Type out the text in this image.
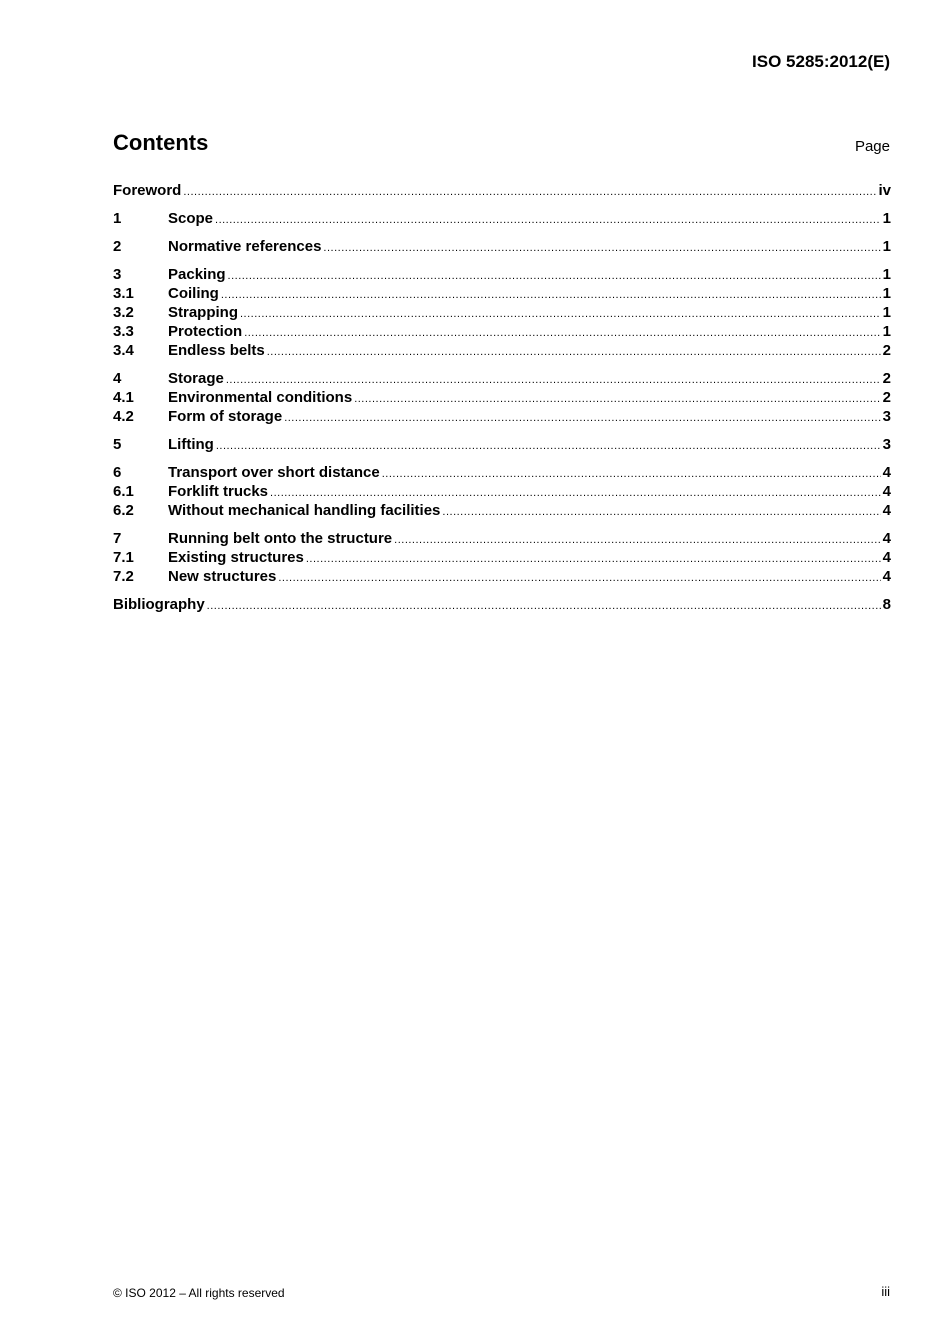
ISO 5285:2012(E)
Contents	Page
Foreword .....	iv
1	Scope .....	1
2	Normative references .....	1
3	Packing .....	1
3.1	Coiling .....	1
3.2	Strapping .....	1
3.3	Protection .....	1
3.4	Endless belts .....	2
4	Storage .....	2
4.1	Environmental conditions .....	2
4.2	Form of storage .....	3
5	Lifting .....	3
6	Transport over short distance .....	4
6.1	Forklift trucks .....	4
6.2	Without mechanical handling facilities .....	4
7	Running belt onto the structure .....	4
7.1	Existing structures .....	4
7.2	New structures .....	4
Bibliography .....	8
© ISO 2012 – All rights reserved	iii
